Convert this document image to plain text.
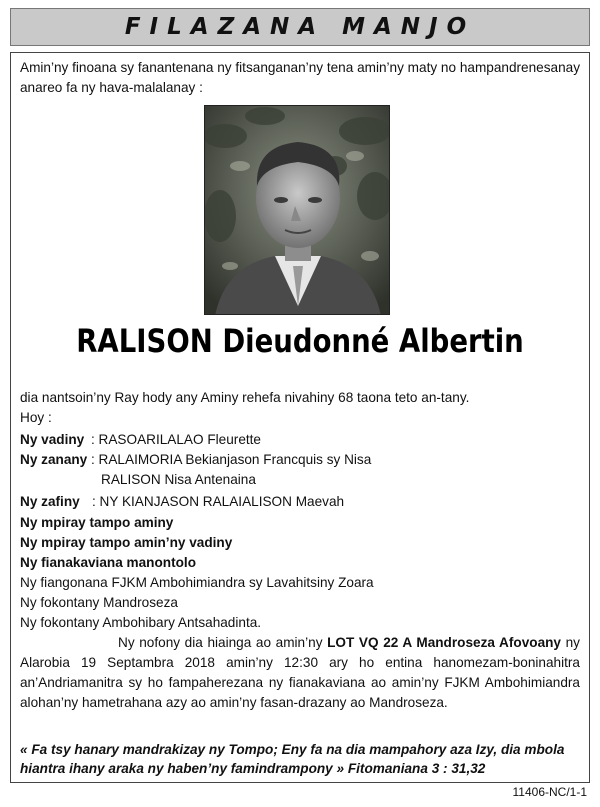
FILAZANA MANJO
Amin’ny finoana sy fanantenana ny fitsanganan’ny tena amin’ny maty no hampandrenesanay anareo fa ny hava-malalanay :
RALISON Dieudonné Albertin
dia nantsoin’ny Ray hody any Aminy rehefa nivahiny 68 taona teto an-tany.
Hoy :
Ny vadiny : RASOARILALAO Fleurette
Ny zanany : RALAIMORIA Bekianjason Francquis sy Nisa
RALISON Nisa Antenaina
Ny zafiny : NY KIANJASON RALAIALISON Maevah
Ny mpiray tampo aminy
Ny mpiray tampo amin’ny vadiny
Ny fianakaviana manontolo
Ny fiangonana FJKM Ambohimiandra sy Lavahitsiny Zoara
Ny fokontany Mandroseza
Ny fokontany Ambohibary Antsahadinta.
Ny nofony dia hiainga ao amin’ny LOT VQ 22 A Mandroseza Afovoany ny Alarobia 19 Septambra 2018 amin’ny 12:30 ary ho entina hanomezam-boninahitra an’Andriamanitra sy ho fampaherezana ny fianakaviana ao amin’ny FJKM Ambohimiandra alohan’ny hametrahana azy ao amin’ny fasan-drazany ao Mandroseza.
« Fa tsy hanary mandrakizay ny Tompo; Eny fa na dia mampahory aza Izy, dia mbola hiantra ihany araka ny haben’ny famindrampony » Fitomaniana 3 : 31,32
11406-NC/1-1
